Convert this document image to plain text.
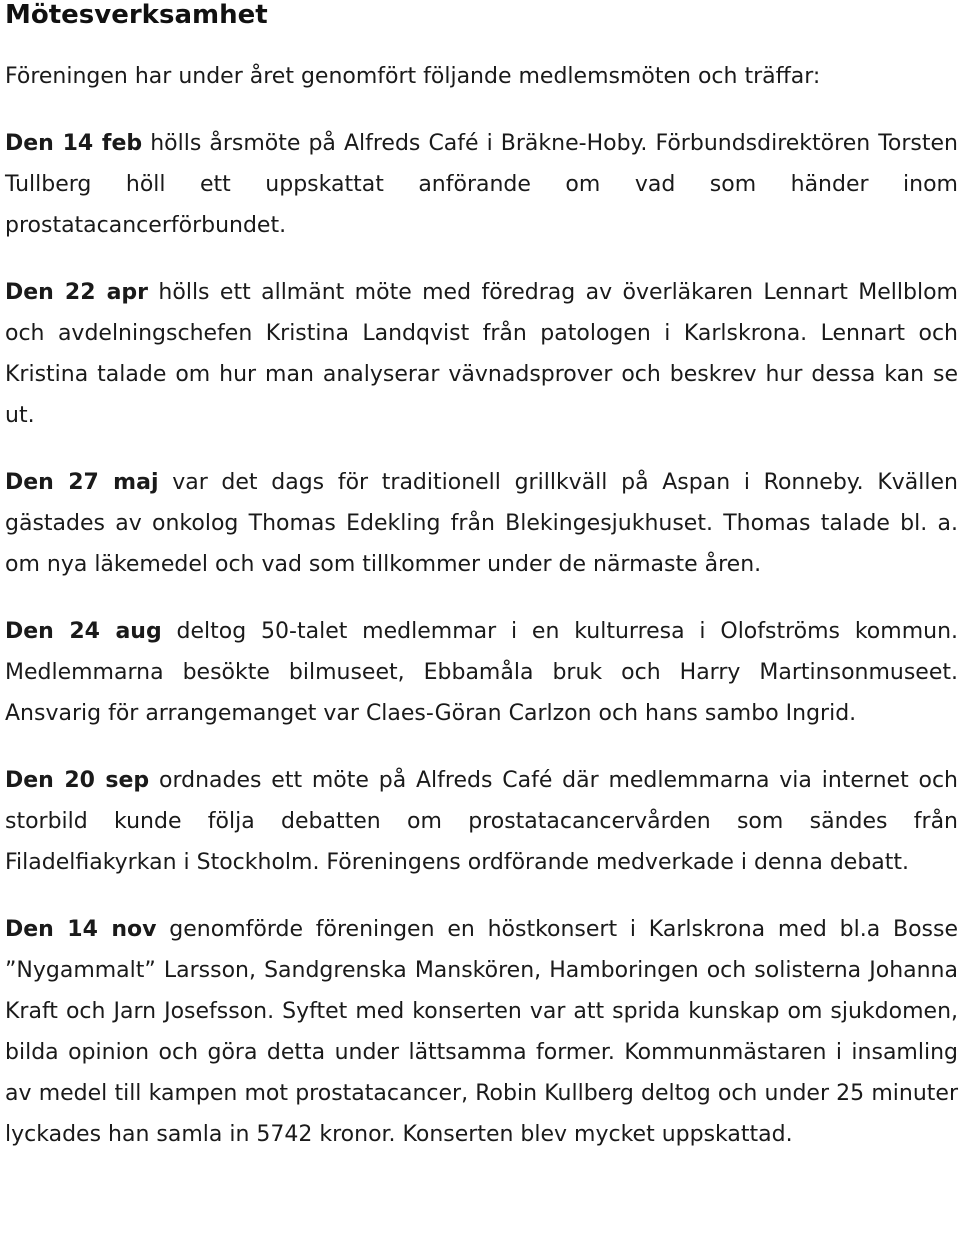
Mötesverksamhet

Föreningen har under året genomfört följande medlemsmöten och träffar:

Den 14 feb hölls årsmöte på Alfreds Café i Bräkne-Hoby. Förbundsdirektören Torsten Tullberg höll ett uppskattat anförande om vad som händer inom prostatacancerförbundet.

Den 22 apr hölls ett allmänt möte med föredrag av överläkaren Lennart Mellblom och avdelningschefen Kristina Landqvist från patologen i Karlskrona. Lennart och Kristina talade om hur man analyserar vävnadsprover och beskrev hur dessa kan se ut.

Den 27 maj var det dags för traditionell grillkväll på Aspan i Ronneby. Kvällen gästades av onkolog Thomas Edekling från Blekingesjukhuset. Thomas talade bl. a. om nya läkemedel och vad som tillkommer under de närmaste åren.

Den 24 aug deltog 50-talet medlemmar i en kulturresa i Olofströms kommun. Medlemmarna besökte bilmuseet, Ebbamåla bruk och Harry Martinsonmuseet. Ansvarig för arrangemanget var Claes-Göran Carlzon och hans sambo Ingrid.

Den 20 sep ordnades ett möte på Alfreds Café där medlemmarna via internet och storbild kunde följa debatten om prostatacancervården som sändes från Filadelfiakyrkan i Stockholm. Föreningens ordförande medverkade i denna debatt.

Den 14 nov genomförde föreningen en höstkonsert i Karlskrona med bl.a Bosse ”Nygammalt” Larsson, Sandgrenska Manskören, Hamboringen och solisterna Johanna Kraft och Jarn Josefsson. Syftet med konserten var att sprida kunskap om sjukdomen, bilda opinion och göra detta under lättsamma former. Kommunmästaren i insamling av medel till kampen mot prostatacancer, Robin Kullberg deltog och under 25 minuter lyckades han samla in 5742 kronor. Konserten blev mycket uppskattad.
